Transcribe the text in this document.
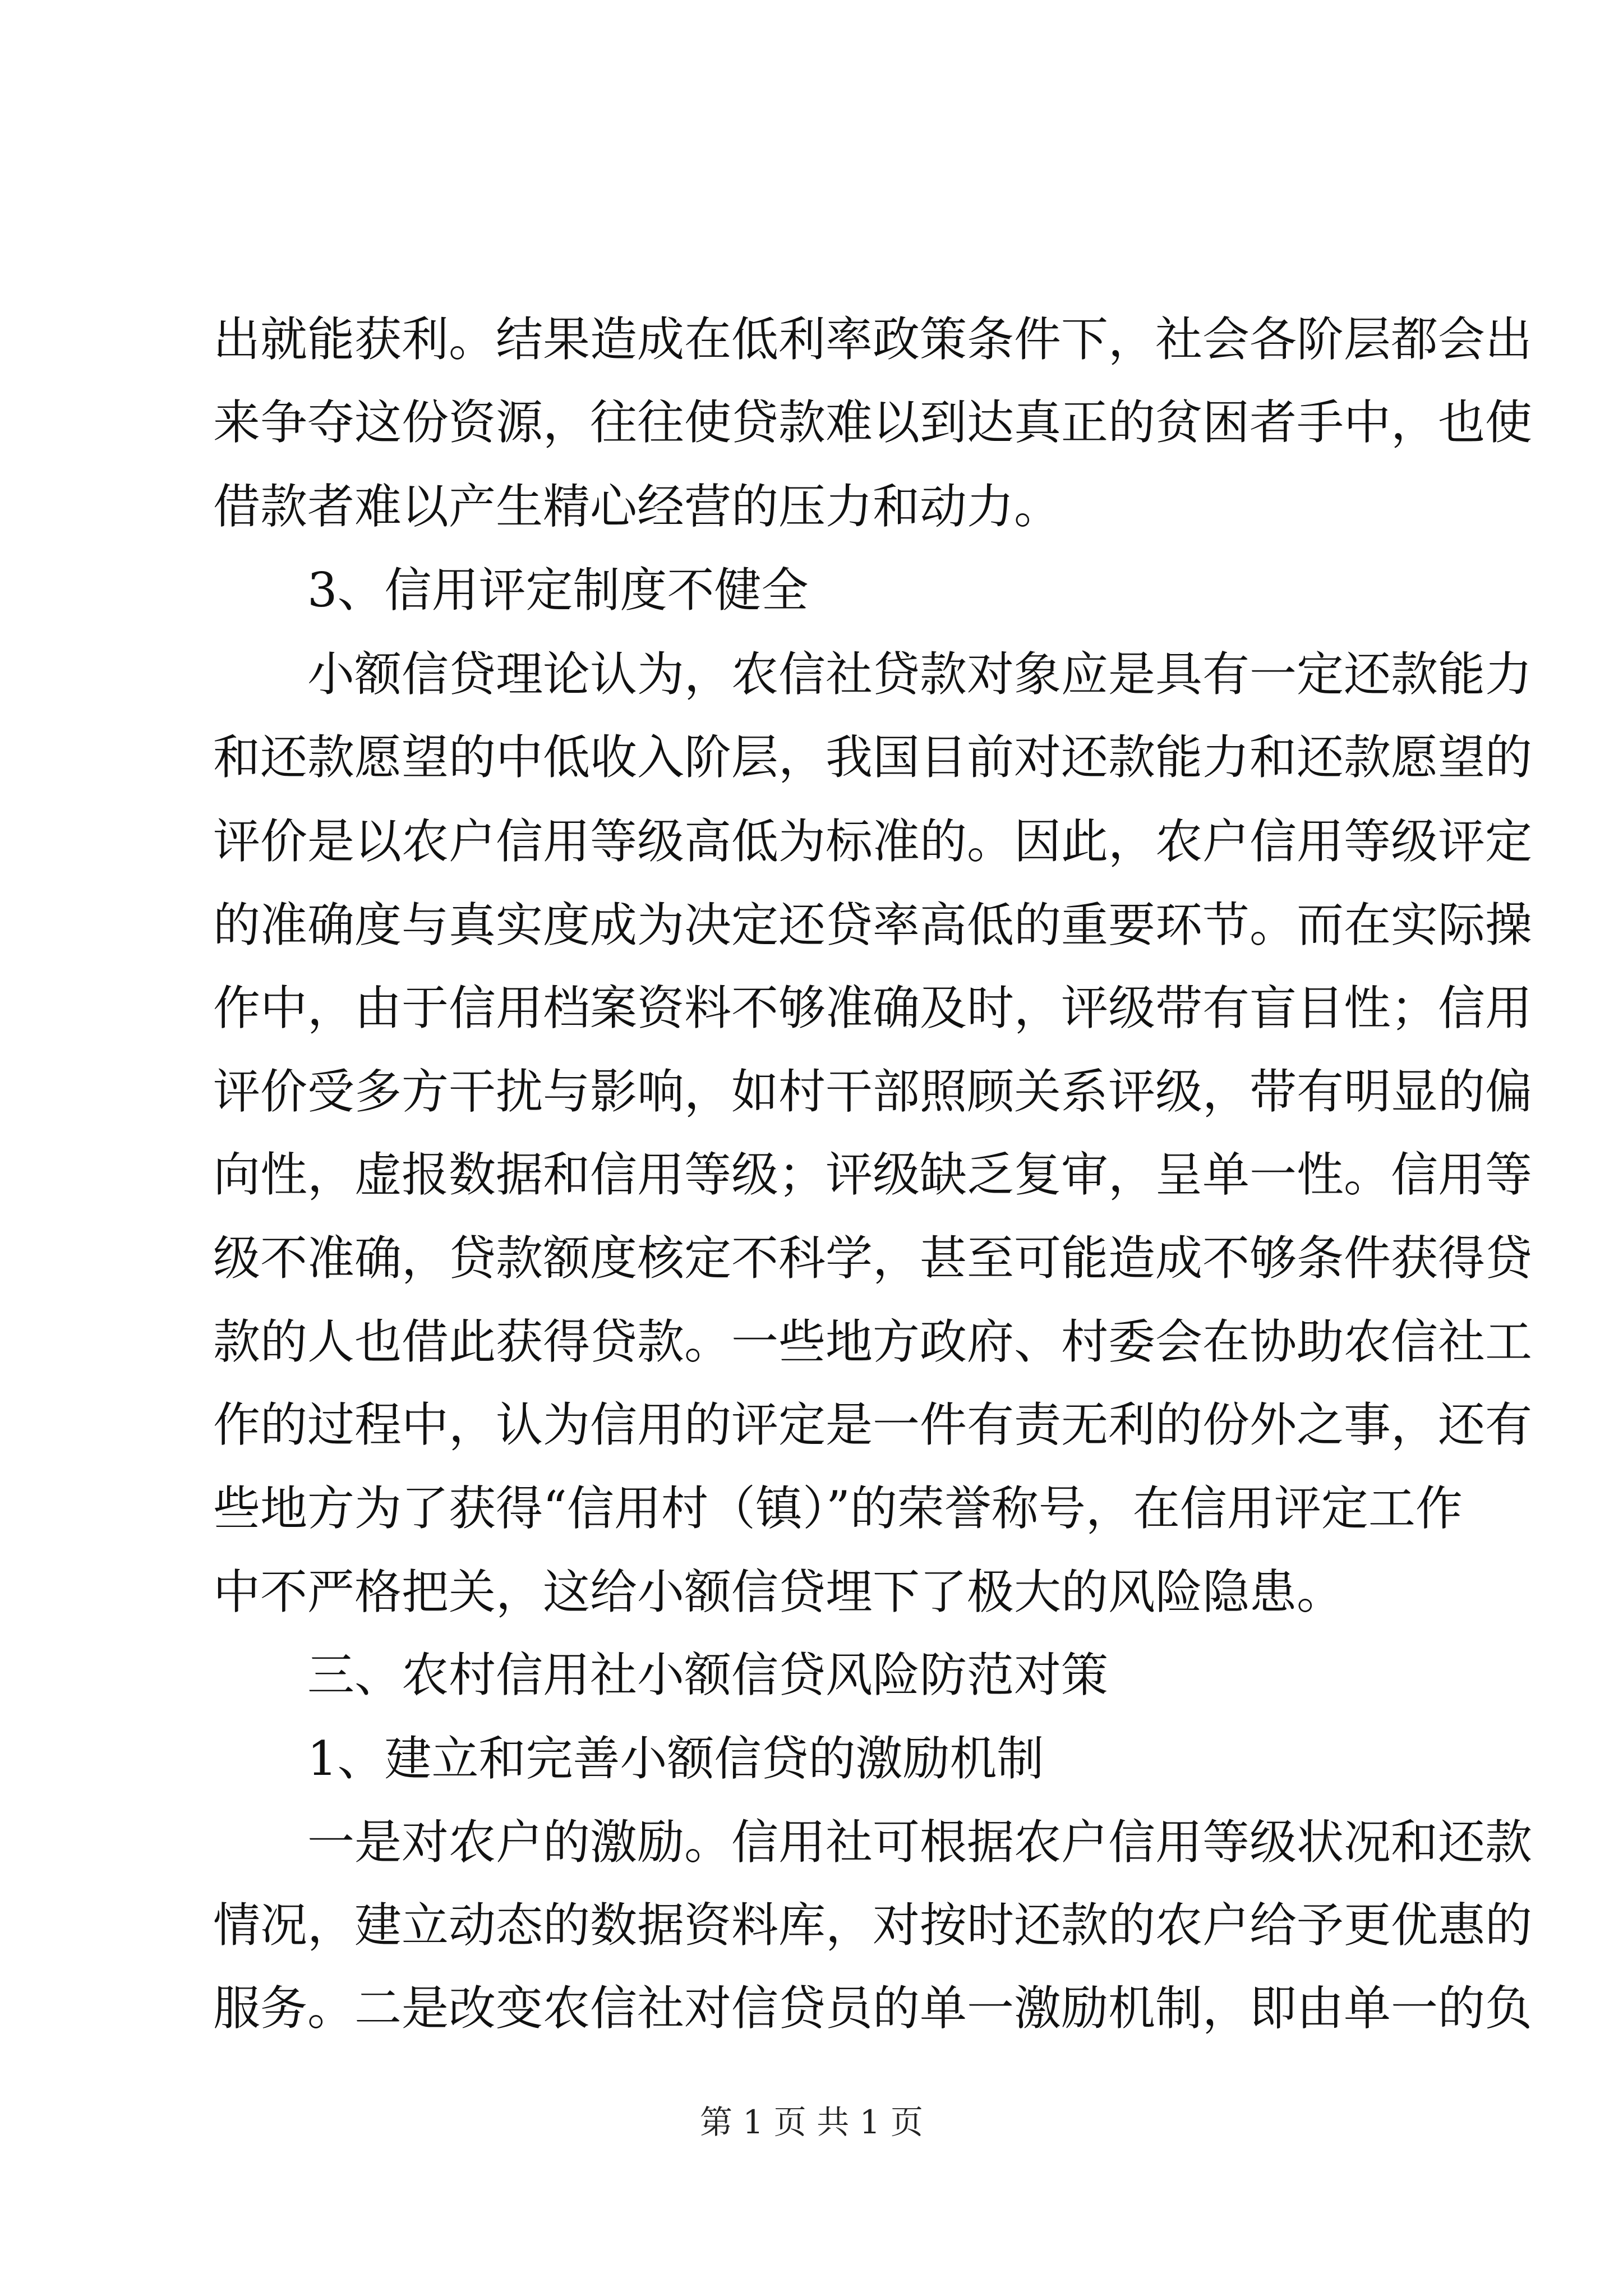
出就能获利。结果造成在低利率政策条件下，社会各阶层都会出
来争夺这份资源，往往使贷款难以到达真正的贫困者手中，也使
借款者难以产生精心经营的压力和动力。
3、信用评定制度不健全
小额信贷理论认为，农信社贷款对象应是具有一定还款能力
和还款愿望的中低收入阶层，我国目前对还款能力和还款愿望的
评价是以农户信用等级高低为标准的。因此，农户信用等级评定
的准确度与真实度成为决定还贷率高低的重要环节。而在实际操
作中，由于信用档案资料不够准确及时，评级带有盲目性；信用
评价受多方干扰与影响，如村干部照顾关系评级，带有明显的偏
向性，虚报数据和信用等级；评级缺乏复审，呈单一性。信用等
级不准确，贷款额度核定不科学，甚至可能造成不够条件获得贷
款的人也借此获得贷款。一些地方政府、村委会在协助农信社工
作的过程中，认为信用的评定是一件有责无利的份外之事，还有
些地方为了获得“信用村（镇）”的荣誉称号，在信用评定工作
中不严格把关，这给小额信贷埋下了极大的风险隐患。
三、农村信用社小额信贷风险防范对策
1、建立和完善小额信贷的激励机制
一是对农户的激励。信用社可根据农户信用等级状况和还款
情况，建立动态的数据资料库，对按时还款的农户给予更优惠的
服务。二是改变农信社对信贷员的单一激励机制，即由单一的负
第 1 页 共 1 页
